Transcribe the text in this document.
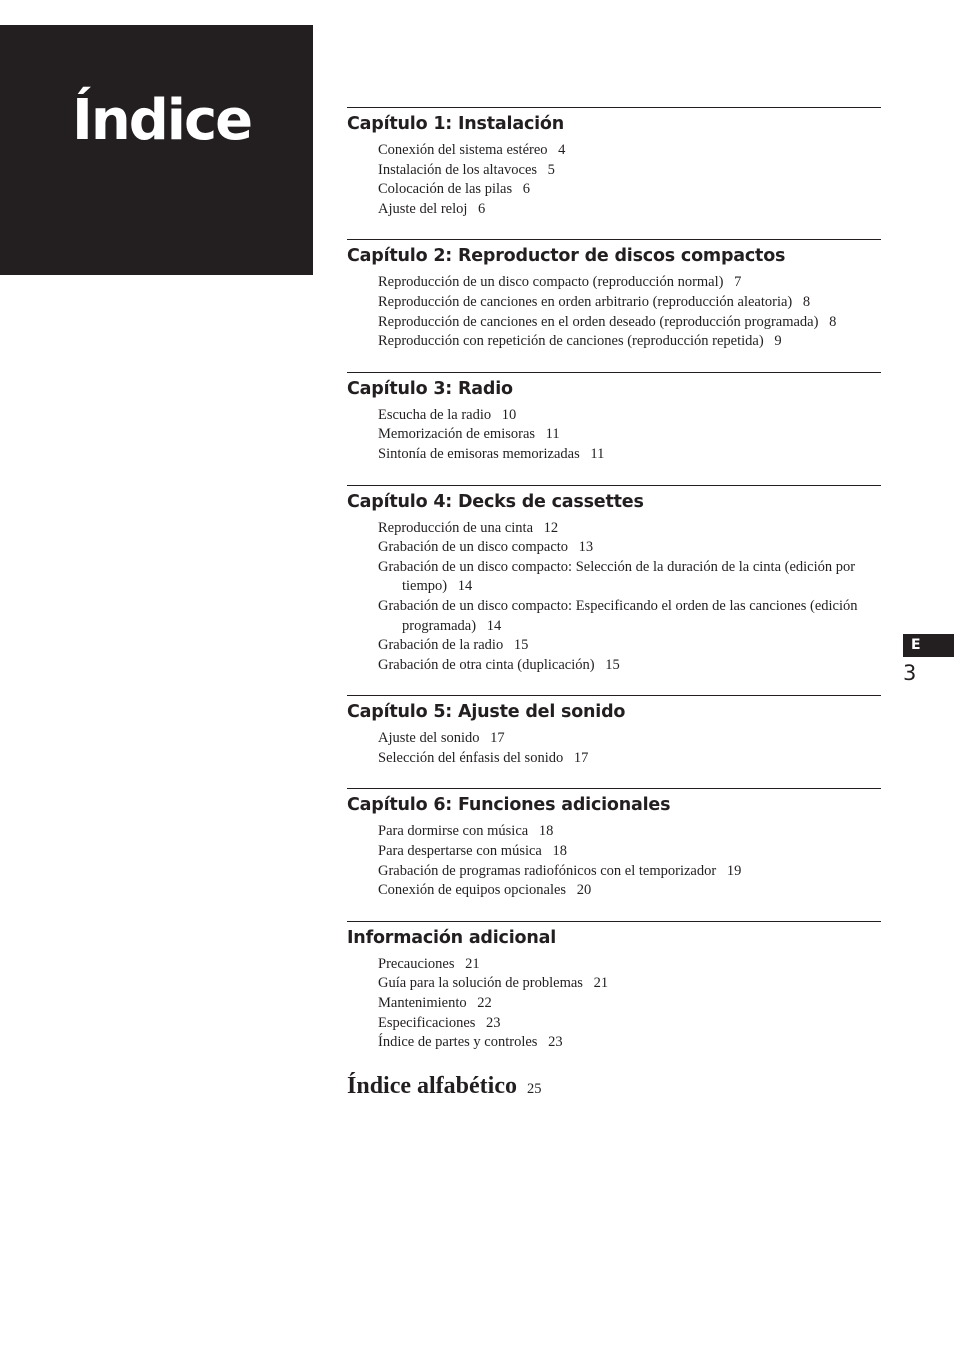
Índice	Capítulo 1: Instalación
Conexión del sistema estéreo 4
Instalación de los altavoces 5
Colocación de las pilas 6
Ajuste del reloj 6
Capítulo 2: Reproductor de discos compactos
Reproducción de un disco compacto (reproducción normal) 7
Reproducción de canciones en orden arbitrario (reproducción aleatoria) 8
Reproducción de canciones en el orden deseado (reproducción programada) 8
Reproducción con repetición de canciones (reproducción repetida) 9
Capítulo 3: Radio
Escucha de la radio 10
Memorización de emisoras 11
Sintonía de emisoras memorizadas 11
Capítulo 4: Decks de cassettes
Reproducción de una cinta 12
Grabación de un disco compacto 13
Grabación de un disco compacto: Selección de la duración de la cinta (edición por tiempo) 14
Grabación de un disco compacto: Especificando el orden de las canciones (edición programada) 14
Grabación de la radio 15
Grabación de otra cinta (duplicación) 15
Capítulo 5: Ajuste del sonido
Ajuste del sonido 17
Selección del énfasis del sonido 17
Capítulo 6: Funciones adicionales
Para dormirse con música 18
Para despertarse con música 18
Grabación de programas radiofónicos con el temporizador 19
Conexión de equipos opcionales 20
Información adicional
Precauciones 21
Guía para la solución de problemas 21
Mantenimiento 22
Especificaciones 23
Índice de partes y controles 23
Índice alfabético 25
E
3
